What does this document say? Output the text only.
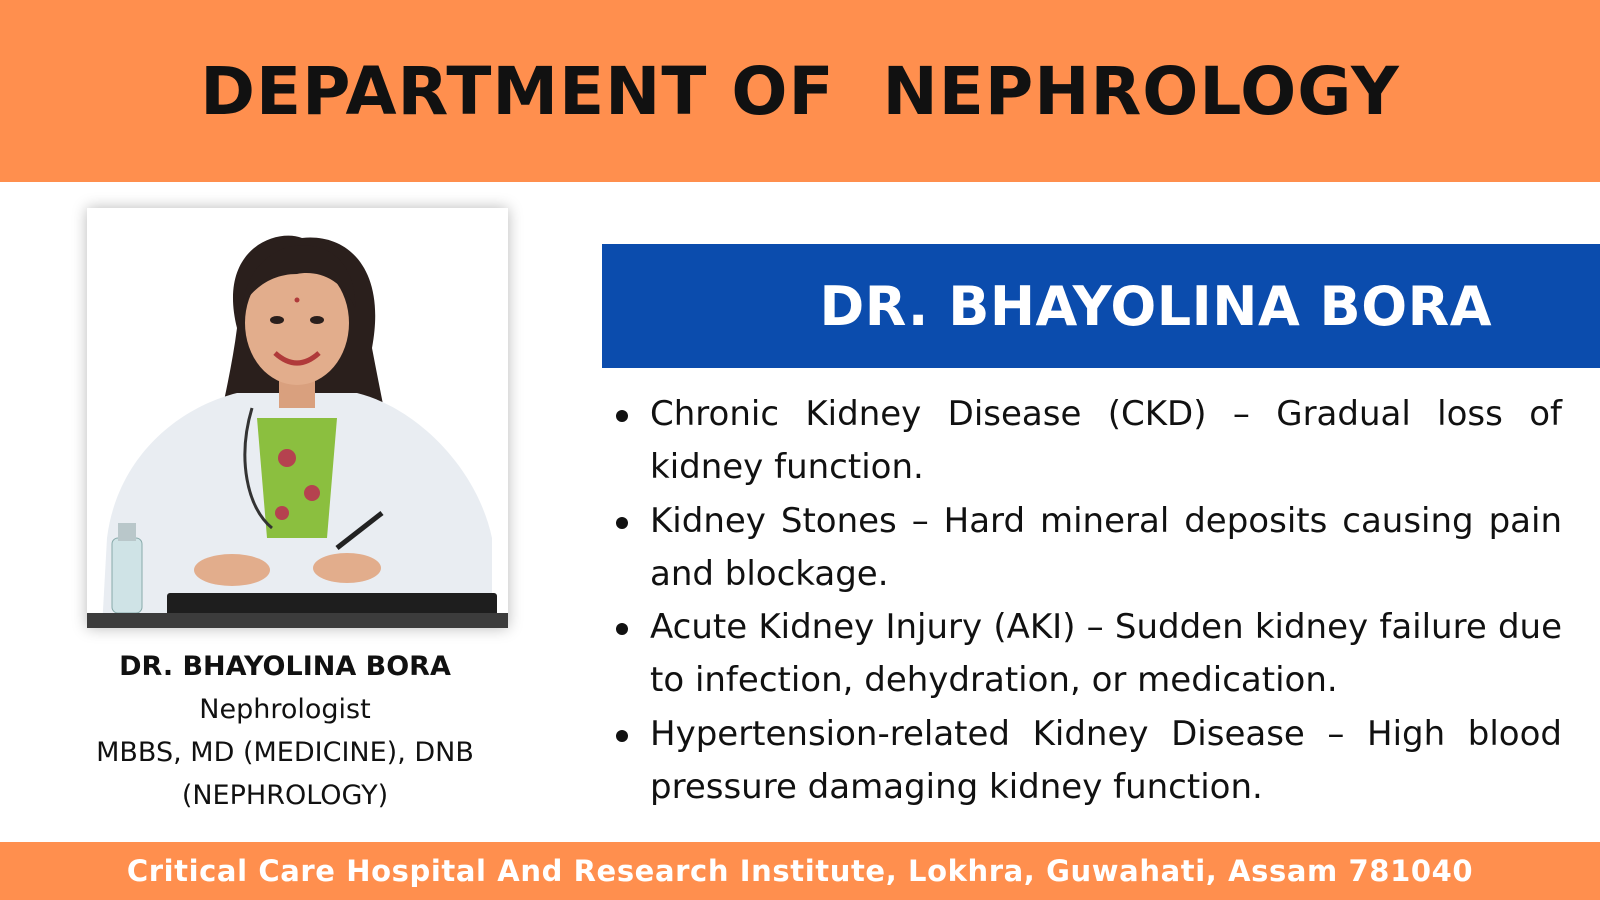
DEPARTMENT OF  NEPHROLOGY
DR. BHAYOLINA BORA
Nephrologist
MBBS, MD (MEDICINE), DNB
(NEPHROLOGY)
DR. BHAYOLINA BORA
Chronic Kidney Disease (CKD) – Gradual loss of kidney function.
Kidney Stones – Hard mineral deposits causing pain and blockage.
Acute Kidney Injury (AKI) – Sudden kidney failure due to infection, dehydration, or medication.
Hypertension-related Kidney Disease – High blood pressure damaging kidney function.
Critical Care Hospital And Research Institute, Lokhra, Guwahati, Assam 781040
